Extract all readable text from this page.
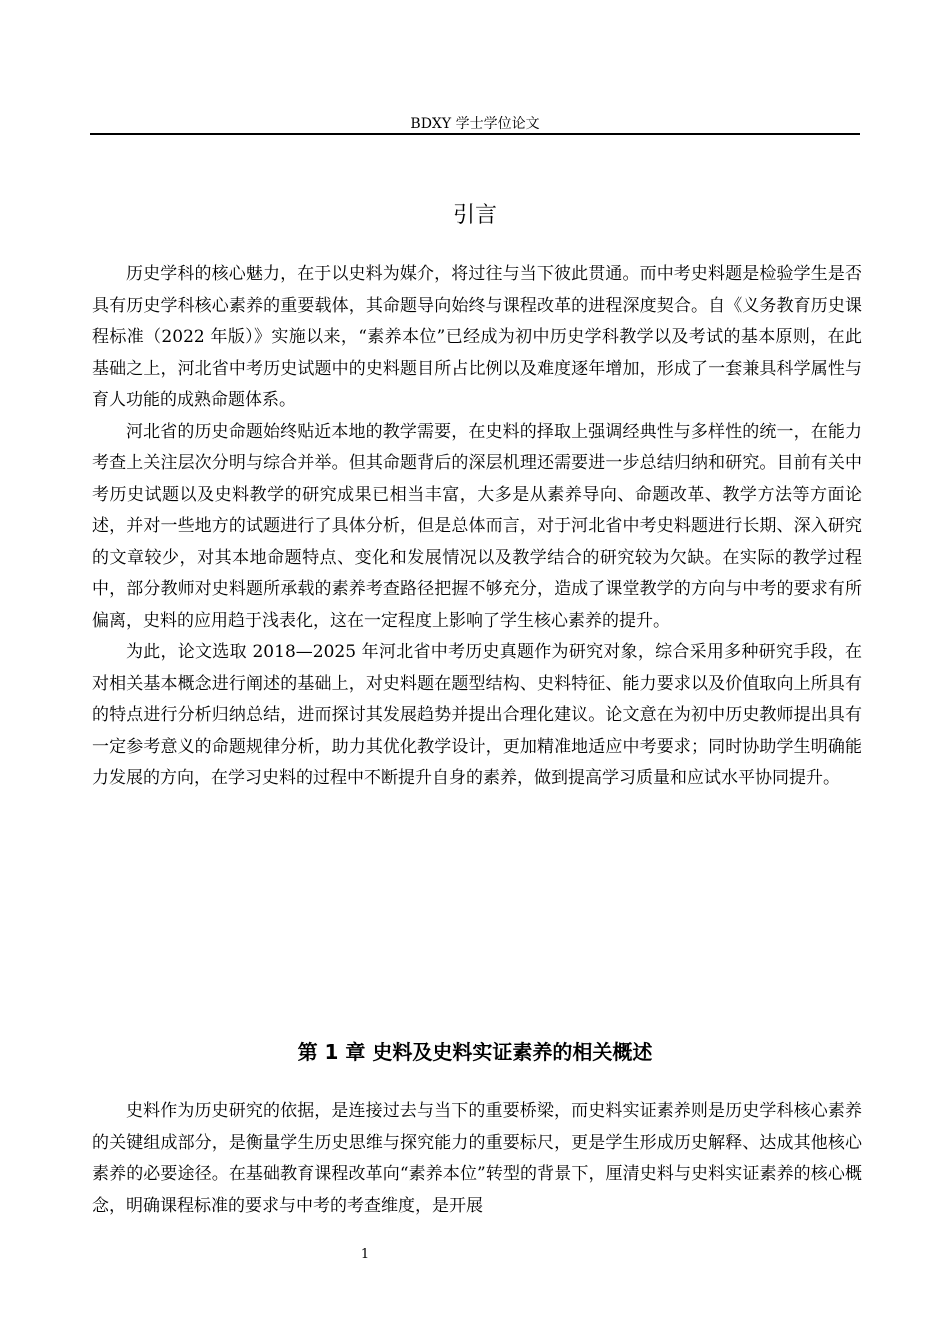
BDXY 学士学位论文
引言

历史学科的核心魅力，在于以史料为媒介，将过往与当下彼此贯通。而中考史料题是检验学生是否具有历史学科核心素养的重要载体，其命题导向始终与课程改革的进程深度契合。自《义务教育历史课程标准（2022 年版）》实施以来，“素养本位”已经成为初中历史学科教学以及考试的基本原则，在此基础之上，河北省中考历史试题中的史料题目所占比例以及难度逐年增加，形成了一套兼具科学属性与育人功能的成熟命题体系。

河北省的历史命题始终贴近本地的教学需要，在史料的择取上强调经典性与多样性的统一，在能力考查上关注层次分明与综合并举。但其命题背后的深层机理还需要进一步总结归纳和研究。目前有关中考历史试题以及史料教学的研究成果已相当丰富，大多是从素养导向、命题改革、教学方法等方面论述，并对一些地方的试题进行了具体分析，但是总体而言，对于河北省中考史料题进行长期、深入研究的文章较少，对其本地命题特点、变化和发展情况以及教学结合的研究较为欠缺。在实际的教学过程中，部分教师对史料题所承载的素养考查路径把握不够充分，造成了课堂教学的方向与中考的要求有所偏离，史料的应用趋于浅表化，这在一定程度上影响了学生核心素养的提升。

为此，论文选取 2018—2025 年河北省中考历史真题作为研究对象，综合采用多种研究手段，在对相关基本概念进行阐述的基础上，对史料题在题型结构、史料特征、能力要求以及价值取向上所具有的特点进行分析归纳总结，进而探讨其发展趋势并提出合理化建议。论文意在为初中历史教师提出具有一定参考意义的命题规律分析，助力其优化教学设计，更加精准地适应中考要求；同时协助学生明确能力发展的方向，在学习史料的过程中不断提升自身的素养，做到提高学习质量和应试水平协同提升。

第 1 章 史料及史料实证素养的相关概述

史料作为历史研究的依据，是连接过去与当下的重要桥梁，而史料实证素养则是历史学科核心素养的关键组成部分，是衡量学生历史思维与探究能力的重要标尺，更是学生形成历史解释、达成其他核心素养的必要途径。在基础教育课程改革向“素养本位”转型的背景下，厘清史料与史料实证素养的核心概念，明确课程标准的要求与中考的考查维度，是开展

1
